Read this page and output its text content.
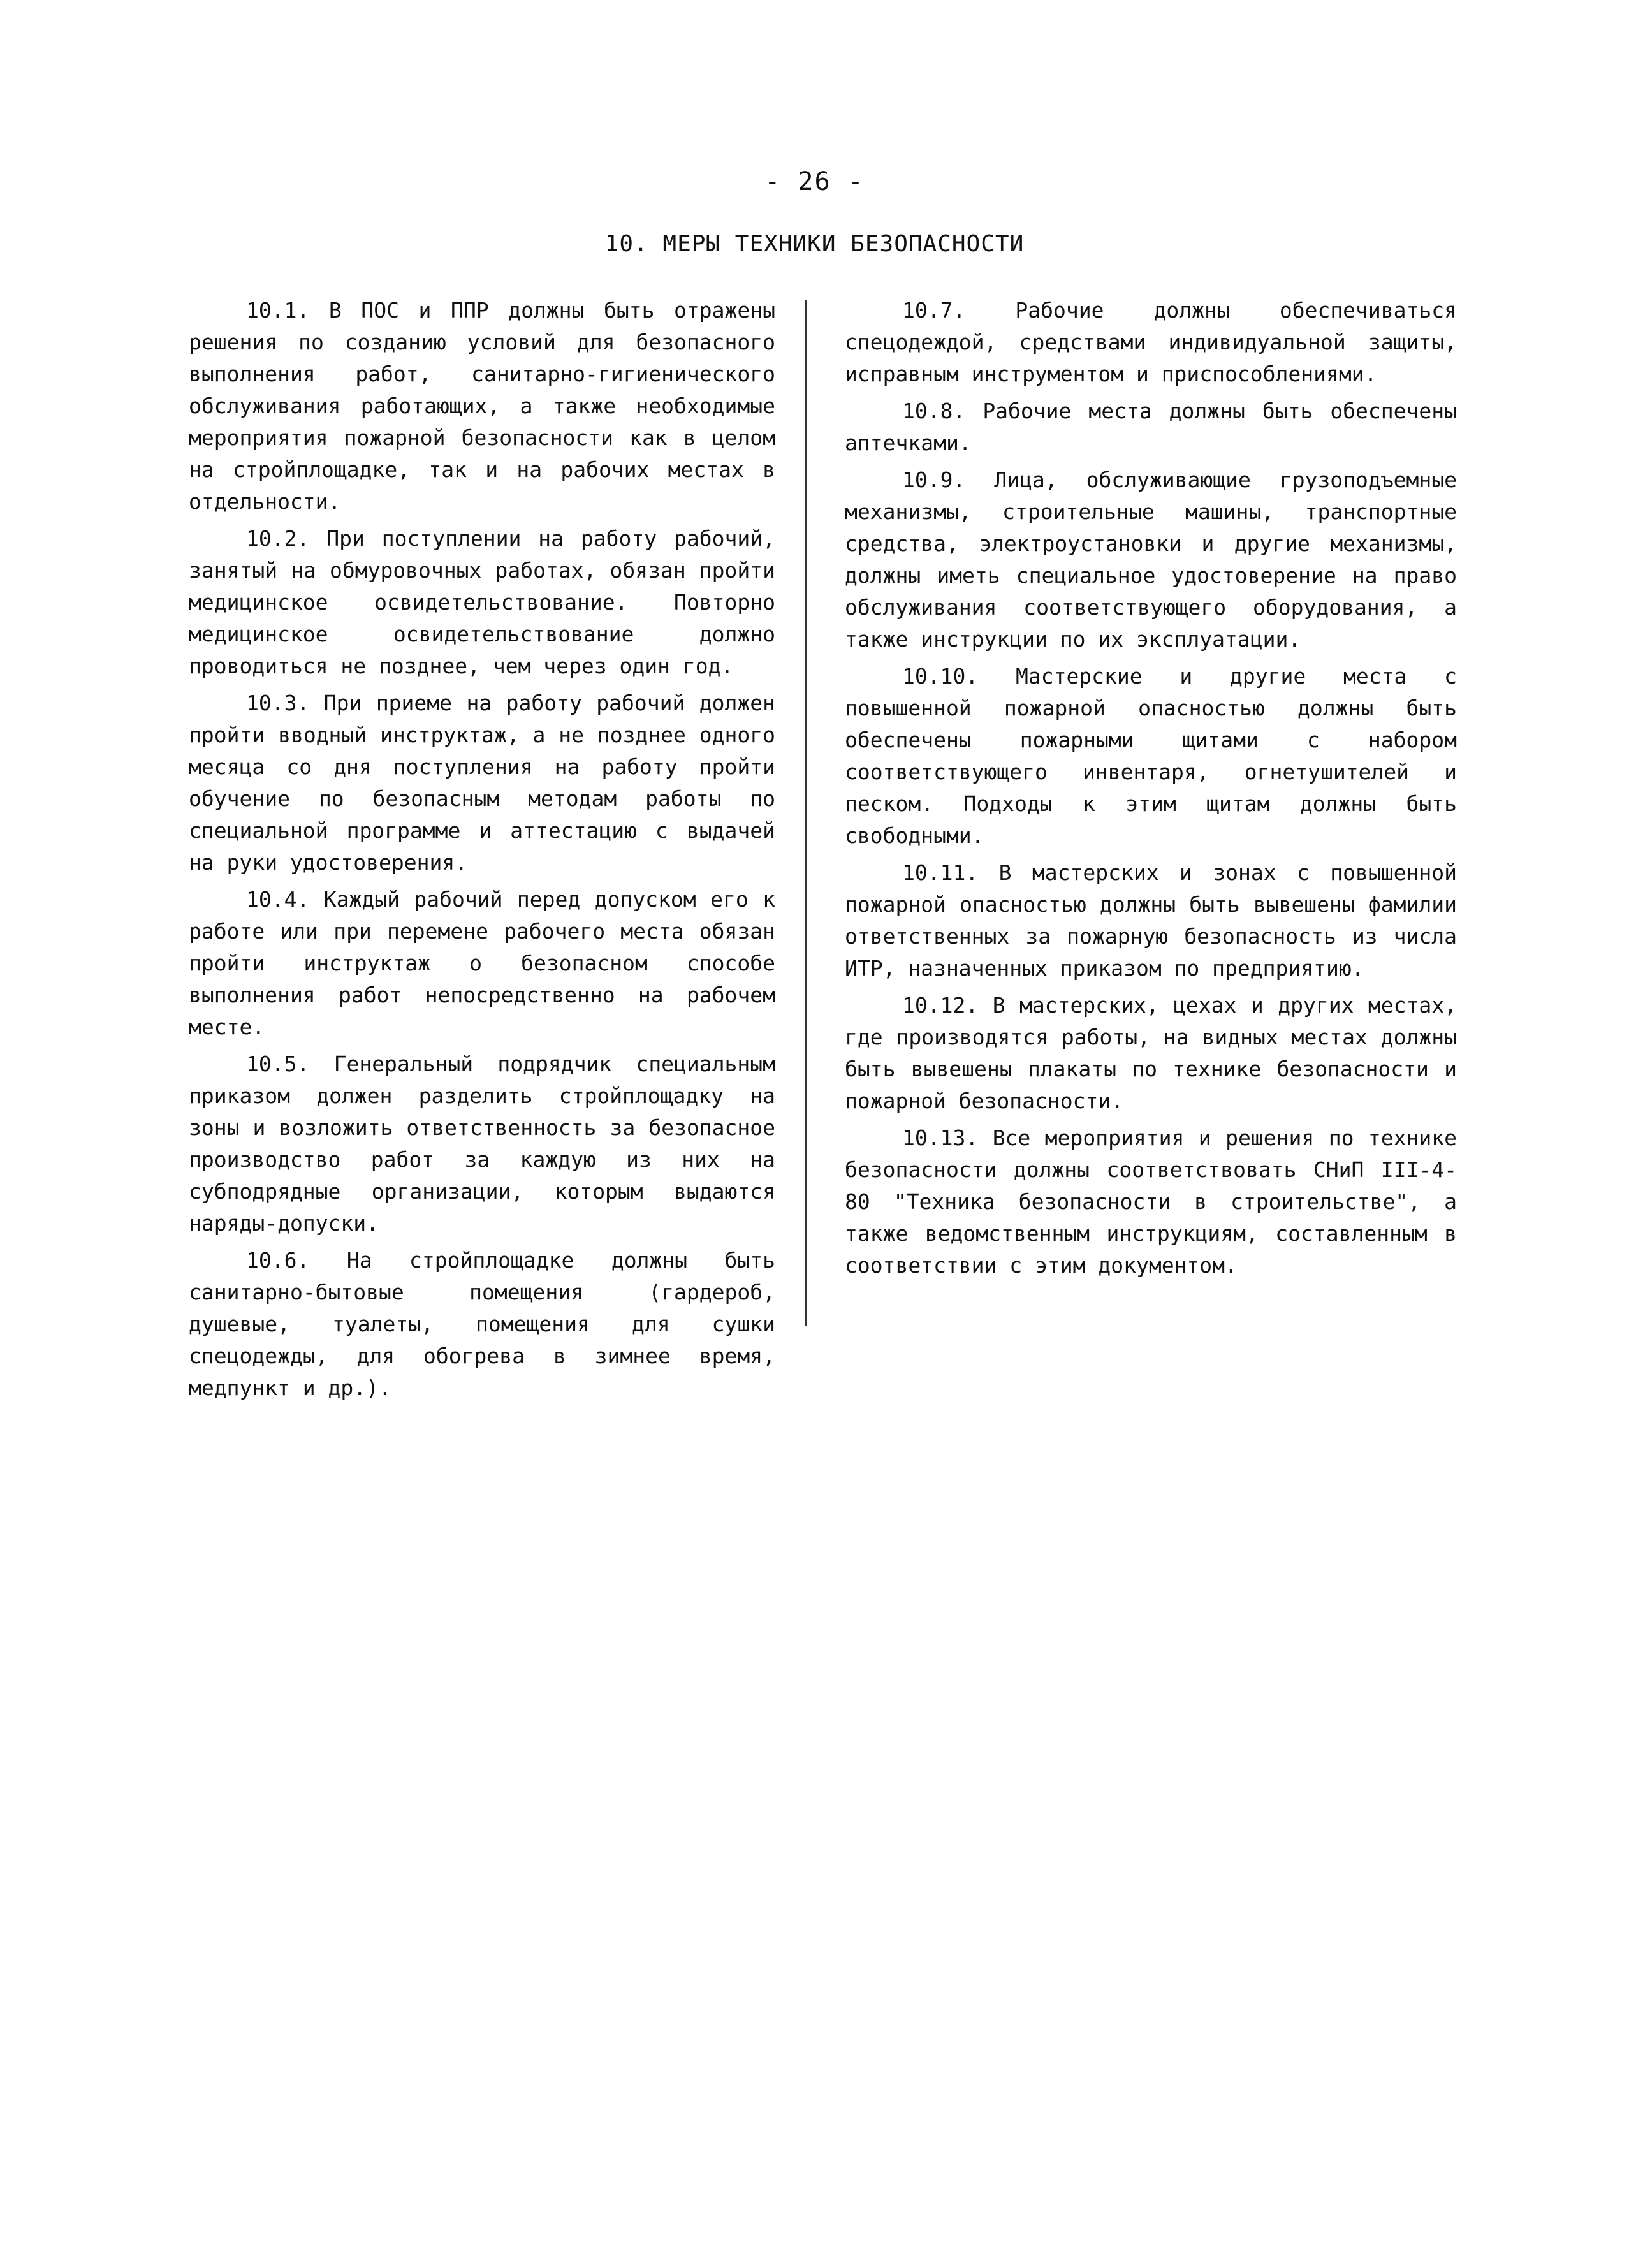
- 26 -
10. МЕРЫ ТЕХНИКИ БЕЗОПАСНОСТИ

10.1. В ПОС и ППР должны быть отражены решения по созданию условий для безопасного выполнения работ, санитарно-гигиенического обслуживания работающих, а также необходимые мероприятия пожарной безопасности как в целом на стройплощадке, так и на рабочих местах в отдельности.

10.2. При поступлении на работу рабочий, занятый на обмуровочных работах, обязан пройти медицинское освидетельствование. Повторно медицинское освидетельствование должно проводиться не позднее, чем через один год.

10.3. При приеме на работу рабочий должен пройти вводный инструктаж, а не позднее одного месяца со дня поступления на работу пройти обучение по безопасным методам работы по специальной программе и аттестацию с выдачей на руки удостоверения.

10.4. Каждый рабочий перед допуском его к работе или при перемене рабочего места обязан пройти инструктаж о безопасном способе выполнения работ непосредственно на рабочем месте.

10.5. Генеральный подрядчик специальным приказом должен разделить стройплощадку на зоны и возложить ответственность за безопасное производство работ за каждую из них на субподрядные организации, которым выдаются наряды-допуски.

10.6. На стройплощадке должны быть санитарно-бытовые помещения (гардероб, душевые, туалеты, помещения для сушки спецодежды, для обогрева в зимнее время, медпункт и др.).

10.7. Рабочие должны обеспечиваться спецодеждой, средствами индивидуальной защиты, исправным инструментом и приспособлениями.

10.8. Рабочие места должны быть обеспечены аптечками.

10.9. Лица, обслуживающие грузоподъемные механизмы, строительные машины, транспортные средства, электроустановки и другие механизмы, должны иметь специальное удостоверение на право обслуживания соответствующего оборудования, а также инструкции по их эксплуатации.

10.10. Мастерские и другие места с повышенной пожарной опасностью должны быть обеспечены пожарными щитами с набором соответствующего инвентаря, огнетушителей и песком. Подходы к этим щитам должны быть свободными.

10.11. В мастерских и зонах с повышенной пожарной опасностью должны быть вывешены фамилии ответственных за пожарную безопасность из числа ИТР, назначенных приказом по предприятию.

10.12. В мастерских, цехах и других местах, где производятся работы, на видных местах должны быть вывешены плакаты по технике безопасности и пожарной безопасности.

10.13. Все мероприятия и решения по технике безопасности должны соответствовать СНиП III-4-80 "Техника безопасности в строительстве", а также ведомственным инструкциям, составленным в соответствии с этим документом.
